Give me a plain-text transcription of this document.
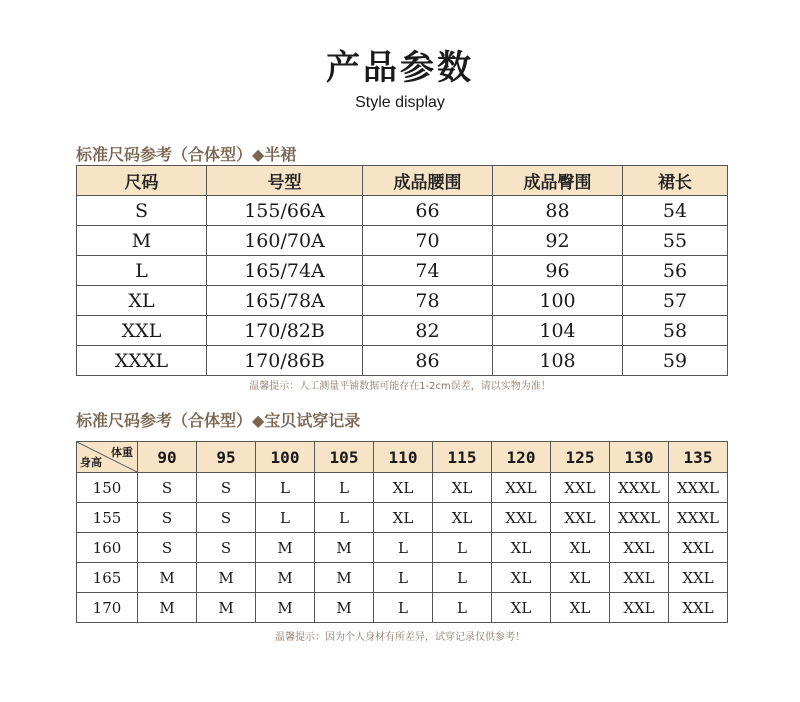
产品参数
Style display
标准尺码参考（合体型）◆半裙
尺码	号型	成品腰围	成品臀围	裙长
S	155/66A	66	88	54
M	160/70A	70	92	55
L	165/74A	74	96	56
XL	165/78A	78	100	57
XXL	170/82B	82	104	58
XXXL	170/86B	86	108	59
温馨提示：人工测量平铺数据可能存在1-2cm误差，请以实物为准！
标准尺码参考（合体型）◆宝贝试穿记录
体重
身高	90	95	100	105	110	115	120	125	130	135
150	S	S	L	L	XL	XL	XXL	XXL	XXXL	XXXL
155	S	S	L	L	XL	XL	XXL	XXL	XXXL	XXXL
160	S	S	M	M	L	L	XL	XL	XXL	XXL
165	M	M	M	M	L	L	XL	XL	XXL	XXL
170	M	M	M	M	L	L	XL	XL	XXL	XXL
温馨提示：因为个人身材有所差异，试穿记录仅供参考！
